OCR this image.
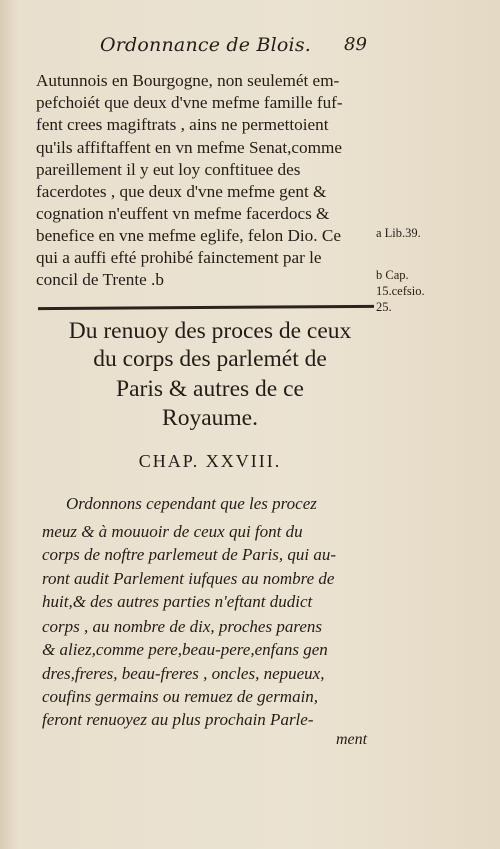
Ordonnance de Blois.	89
Autunnois en Bourgogne, non seulemét em-
pefchoiét que deux d'vne mefme famille fuf-
fent crees magiftrats , ains ne permettoient
qu'ils affiftaffent en vn mefme Senat,comme
pareillement il y eut loy conftituee des
facerdotes , que deux d'vne mefme gent &
cognation n'euffent vn mefme facerdocs &
benefice en vne mefme eglife, felon Dio. Ce
qui a auffi efté prohibé fainctement par le
concil de Trente .b
a Lib.39.
b Cap.
15.cefsio.
25.
Du renuoy des proces de ceux
du corps des parlemét de
Paris & autres de ce
Royaume.
CHAP. XXVIII.
Ordonnons cependant que les procez
meuz & à mouuoir de ceux qui font du
corps de noftre parlemeut de Paris, qui au-
ront audit Parlement iufques au nombre de
huit,& des autres parties n'eftant dudict
corps , au nombre de dix, proches parens
& aliez,comme pere,beau-pere,enfans gen
dres,freres, beau-freres , oncles, nepueux,
coufins germains ou remuez de germain,
feront renuoyez au plus prochain Parle-
ment
